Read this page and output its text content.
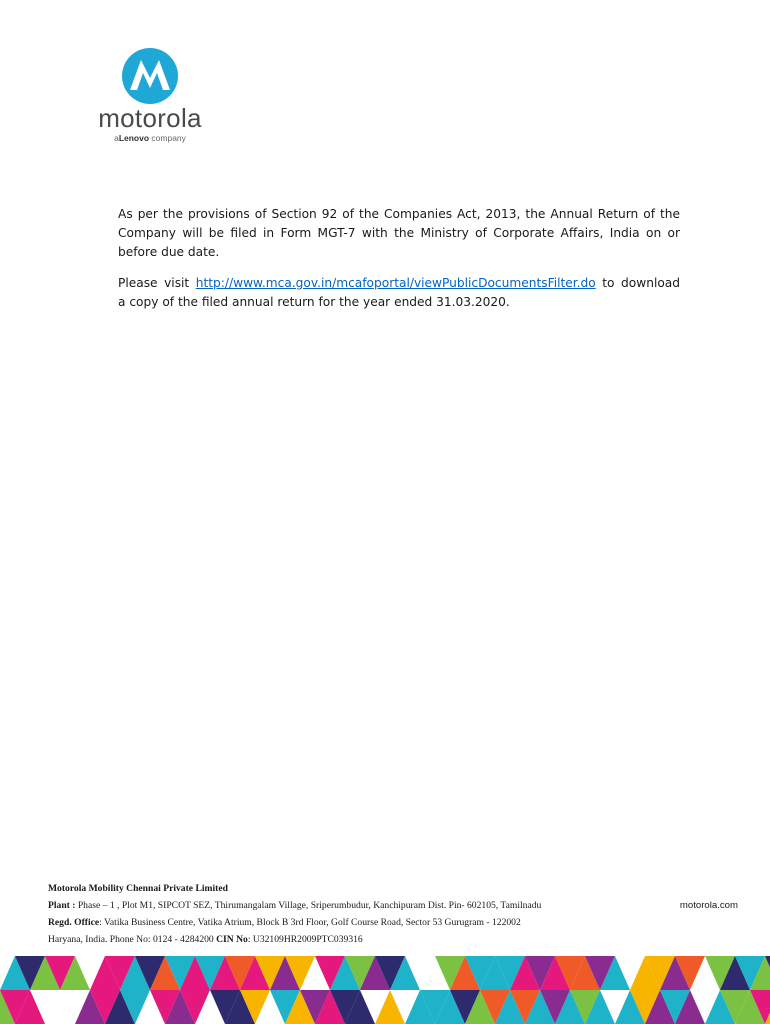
motorola
aLenovo company

As per the provisions of Section 92 of the Companies Act, 2013, the Annual Return of the Company will be filed in Form MGT-7 with the Ministry of Corporate Affairs, India on or before due date.

Please visit http://www.mca.gov.in/mcafoportal/viewPublicDocumentsFilter.do to download a copy of the filed annual return for the year ended 31.03.2020.

Motorola Mobility Chennai Private Limited
Plant : Phase – 1 , Plot M1, SIPCOT SEZ, Thirumangalam Village, Sriperumbudur, Kanchipuram Dist. Pin- 602105, Tamilnadu	motorola.com
Regd. Office: Vatika Business Centre, Vatika Atrium, Block B 3rd Floor, Golf Course Road, Sector 53 Gurugram - 122002
Haryana, India. Phone No: 0124 - 4284200 CIN No: U32109HR2009PTC039316
